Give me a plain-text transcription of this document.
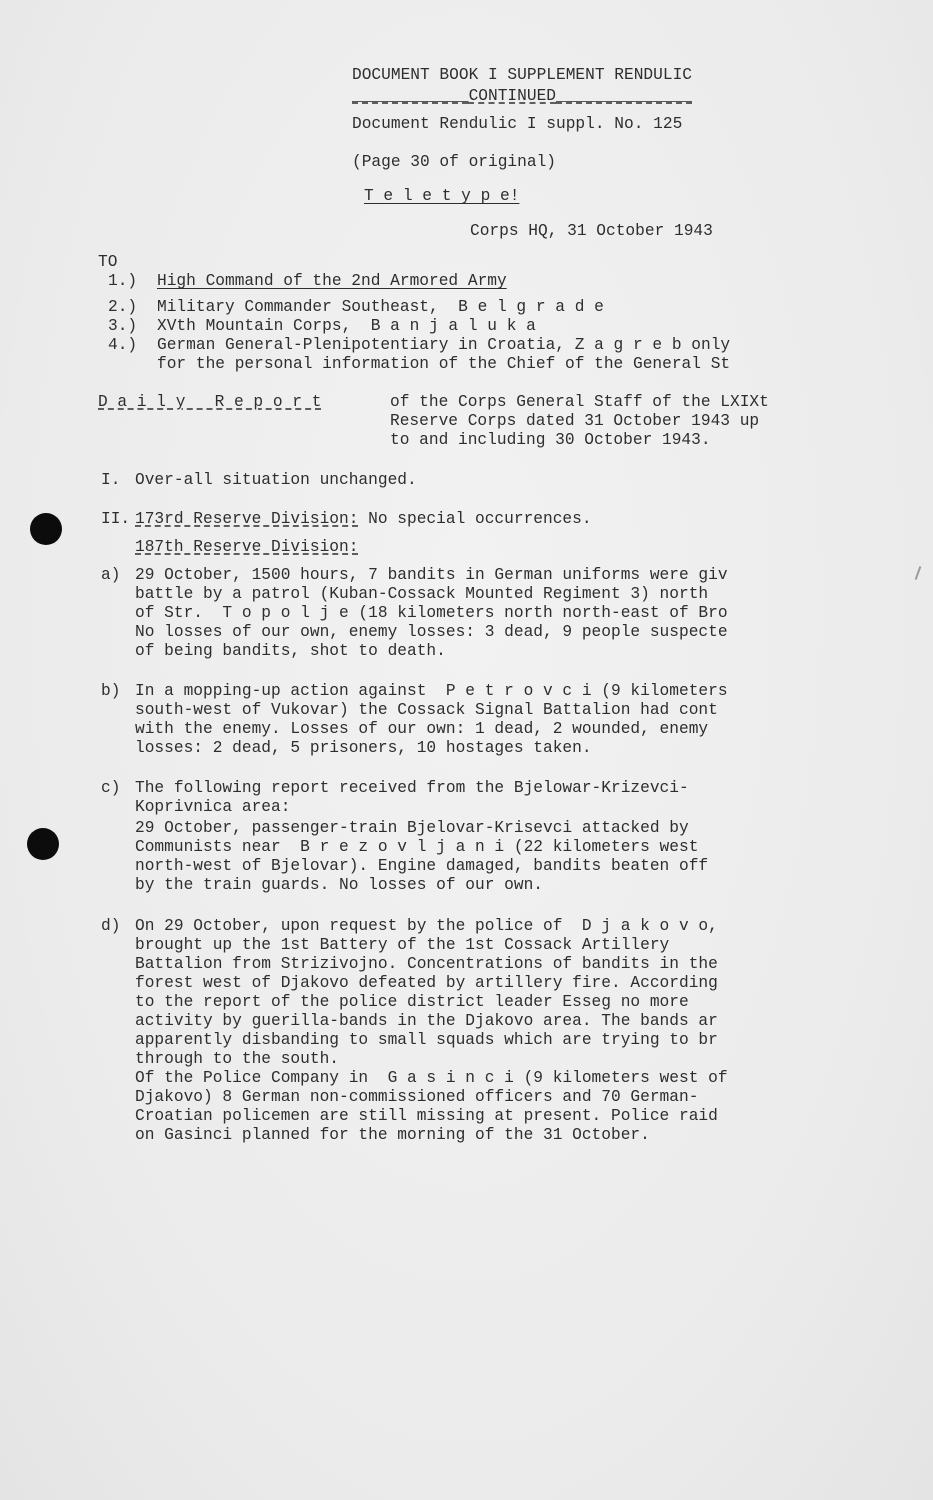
DOCUMENT BOOK I SUPPLEMENT RENDULIC
____________CONTINUED______________
Document Rendulic I suppl. No. 125
(Page 30 of original)
T e l e t y p e!
Corps HQ, 31 October 1943
TO
1.) High Command of the 2nd Armored Army
2.) Military Commander Southeast,  B e l g r a d e
3.) XVth Mountain Corps,  B a n j a l u k a
4.) German General-Plenipotentiary in Croatia, Z a g r e b only
for the personal information of the Chief of the General St
D a i l y   R e p o r t	of the Corps General Staff of the LXIXt
Reserve Corps dated 31 October 1943 up
to and including 30 October 1943.
I. Over-all situation unchanged.
II. 173rd Reserve Division: No special occurrences.
187th Reserve Division:
a) 29 October, 1500 hours, 7 bandits in German uniforms were giv
battle by a patrol (Kuban-Cossack Mounted Regiment 3) north
of Str.  T o p o l j e (18 kilometers north north-east of Bro
No losses of our own, enemy losses: 3 dead, 9 people suspecte
of being bandits, shot to death.
b) In a mopping-up action against  P e t r o v c i (9 kilometers
south-west of Vukovar) the Cossack Signal Battalion had cont
with the enemy. Losses of our own: 1 dead, 2 wounded, enemy
losses: 2 dead, 5 prisoners, 10 hostages taken.
c) The following report received from the Bjelowar-Krizevci-
Koprivnica area:
29 October, passenger-train Bjelovar-Krisevci attacked by
Communists near  B r e z o v l j a n i (22 kilometers west
north-west of Bjelovar). Engine damaged, bandits beaten off
by the train guards. No losses of our own.
d) On 29 October, upon request by the police of  D j a k o v o,
brought up the 1st Battery of the 1st Cossack Artillery
Battalion from Strizivojno. Concentrations of bandits in the
forest west of Djakovo defeated by artillery fire. According
to the report of the police district leader Esseg no more
activity by guerilla-bands in the Djakovo area. The bands ar
apparently disbanding to small squads which are trying to br
through to the south.
Of the Police Company in  G a s i n c i (9 kilometers west of
Djakovo) 8 German non-commissioned officers and 70 German-
Croatian policemen are still missing at present. Police raid
on Gasinci planned for the morning of the 31 October.
